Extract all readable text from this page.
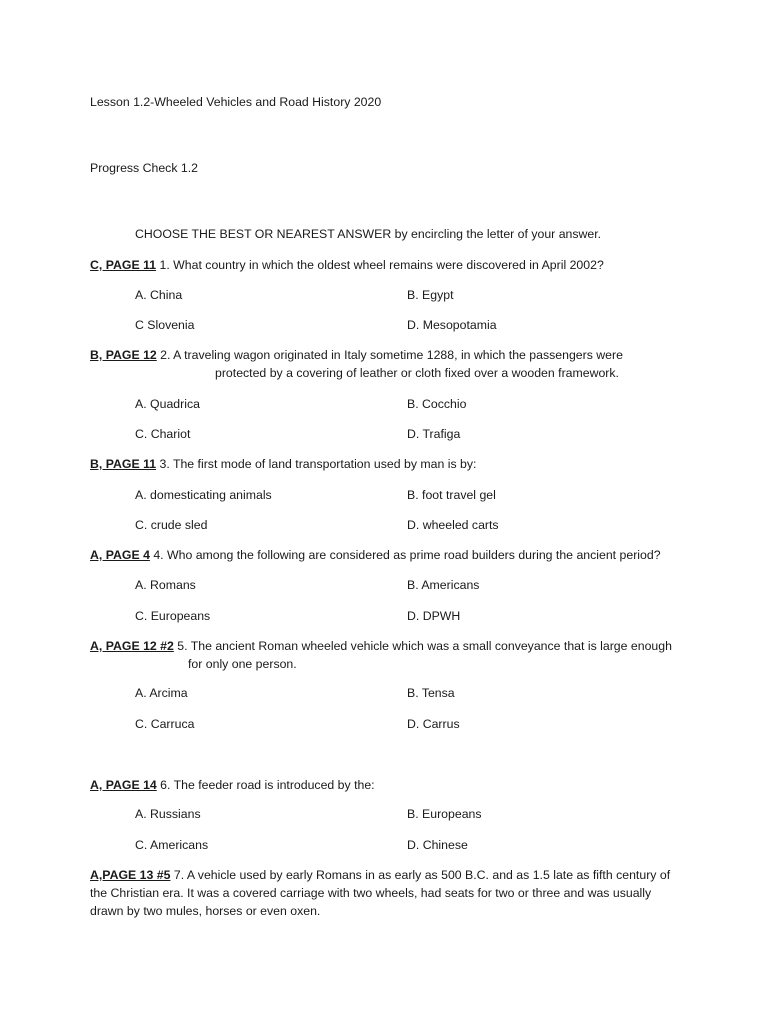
Lesson 1.2-Wheeled Vehicles and Road History 2020
Progress Check 1.2
CHOOSE THE BEST OR NEAREST ANSWER by encircling the letter of your answer.
C, PAGE 11 1. What country in which the oldest wheel remains were discovered in April 2002?
A. China	B. Egypt
C Slovenia	D. Mesopotamia
B, PAGE 12 2. A traveling wagon originated in Italy sometime 1288, in which the passengers were
protected by a covering of leather or cloth fixed over a wooden framework.
A. Quadrica	B. Cocchio
C. Chariot	D. Trafiga
B, PAGE 11 3. The first mode of land transportation used by man is by:
A. domesticating animals	B. foot travel gel
C. crude sled	D. wheeled carts
A, PAGE 4 4. Who among the following are considered as prime road builders during the ancient period?
A. Romans	B. Americans
C. Europeans	D. DPWH
A, PAGE 12 #2 5. The ancient Roman wheeled vehicle which was a small conveyance that is large enough
for only one person.
A. Arcima	B. Tensa
C. Carruca	D. Carrus
A, PAGE 14 6. The feeder road is introduced by the:
A. Russians	B. Europeans
C. Americans	D. Chinese
A,PAGE 13 #5 7. A vehicle used by early Romans in as early as 500 B.C. and as 1.5 late as fifth century of
the Christian era. It was a covered carriage with two wheels, had seats for two or three and was usually
drawn by two mules, horses or even oxen.
